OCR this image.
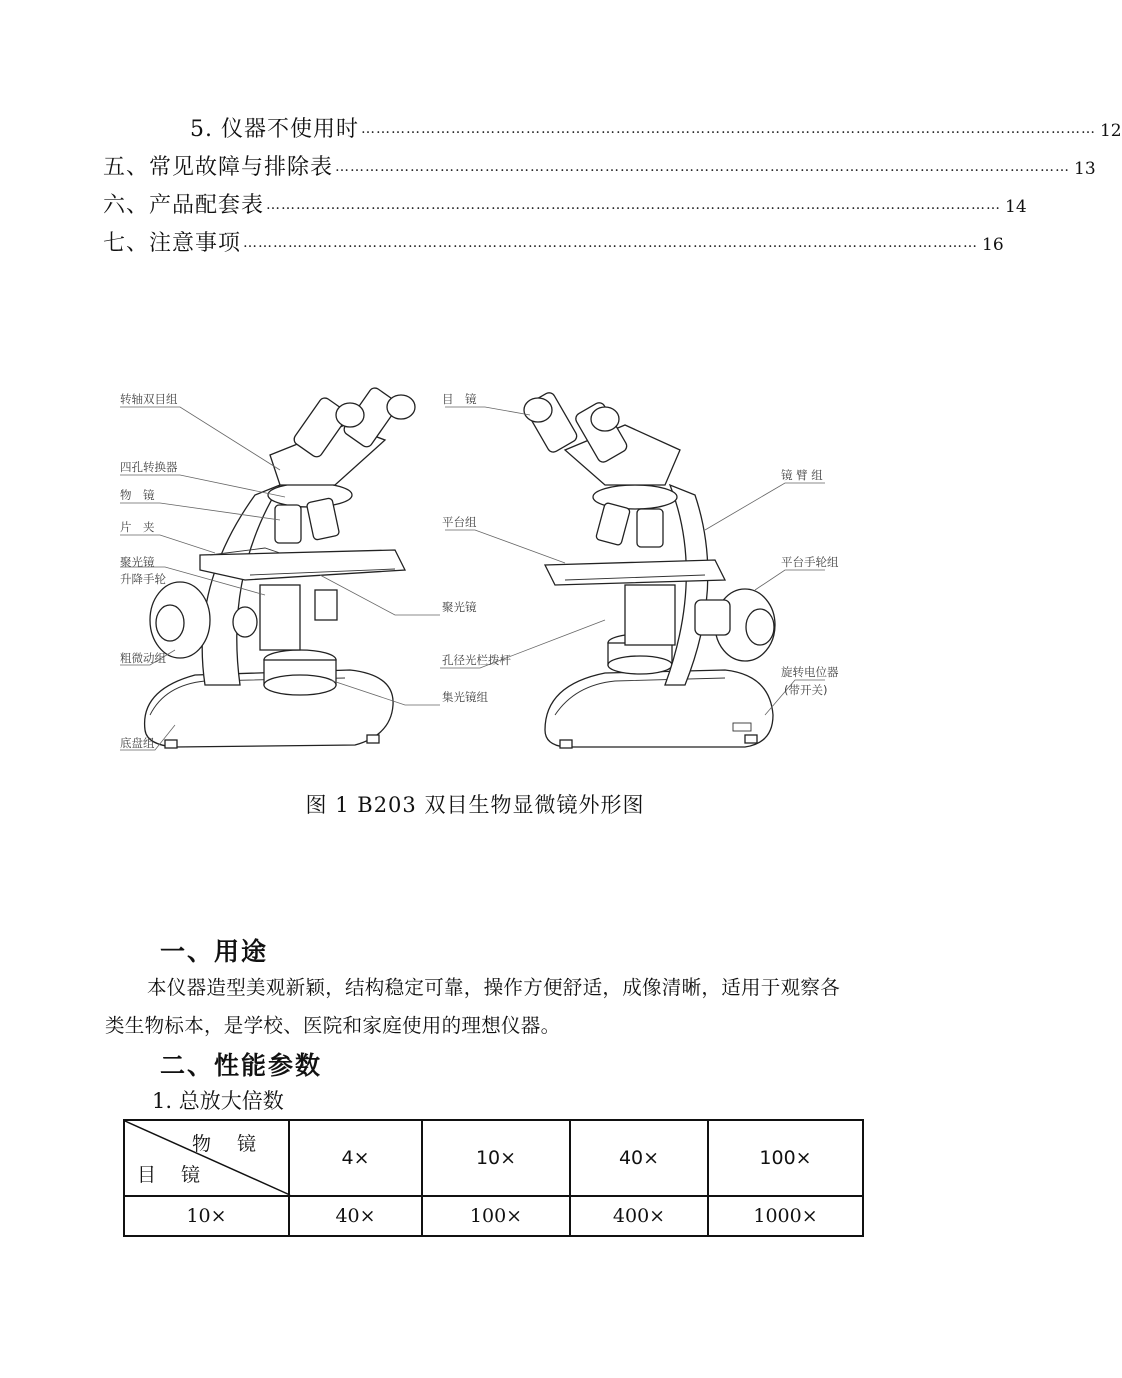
5. 仪器不使用时 ………………………………………………………………………………………………………………………………… 12
五、常见故障与排除表 ………………………………………………………………………………………………………………………………… 13
六、产品配套表 ………………………………………………………………………………………………………………………………… 14
七、注意事项 ………………………………………………………………………………………………………………………………… 16
转轴双目组
四孔转换器
物　镜
片　夹
聚光镜
升降手轮
粗微动组
底盘组
目　镜
平台组
聚光镜
孔径光栏拨杆
集光镜组
镜 臂 组
平台手轮组
旋转电位器
(带开关)
图 1 B203 双目生物显微镜外形图
一、用途
本仪器造型美观新颖，结构稳定可靠，操作方便舒适，成像清晰，适用于观察各类生物标本，是学校、医院和家庭使用的理想仪器。
二、性能参数
1. 总放大倍数
物 镜
目　 镜	4×	10×	40×	100×
10×	40×	100×	400×	1000×
